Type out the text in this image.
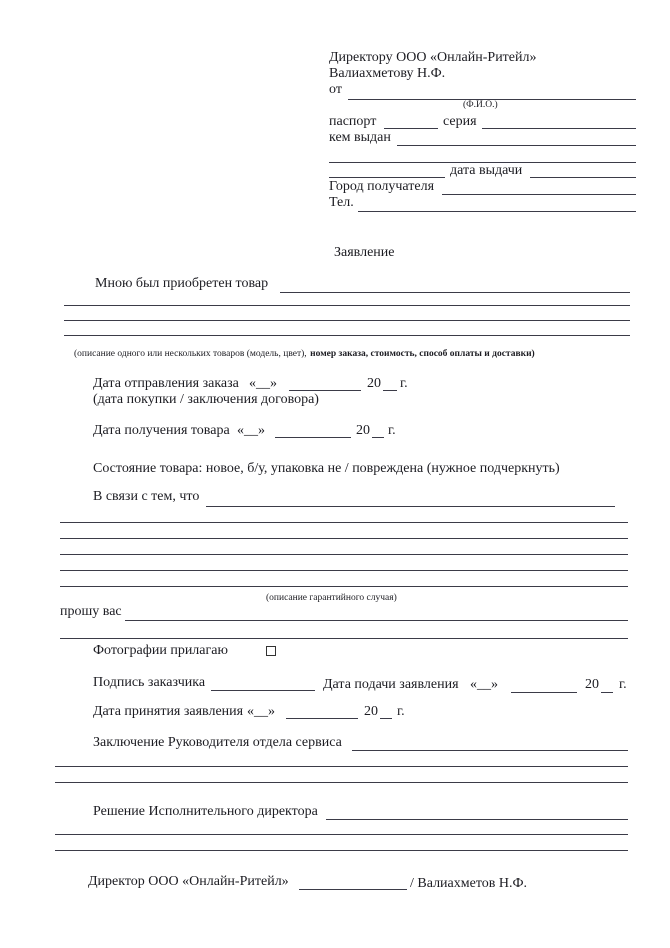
Директору ООО «Онлайн-Ритейл»
Валиахметову Н.Ф.
от
(Ф.И.О.)
паспорт	серия
кем выдан
дата выдачи
Город получателя
Тел.
Заявление
Мною был приобретен товар
(описание одного или нескольких товаров (модель, цвет), номер заказа, стоимость, способ оплаты и доставки)
Дата отправления заказа «__»	20 г.
(дата покупки / заключения договора)
Дата получения товара «__»	20 г.
Состояние товара: новое, б/у, упаковка не / повреждена (нужное подчеркнуть)
В связи с тем, что
(описание гарантийного случая)
прошу вас
Фотографии прилагаю
Подпись заказчика	Дата подачи заявления «__»	20 г.
Дата принятия заявления «__»	20 г.
Заключение Руководителя отдела сервиса
Решение Исполнительного директора
Директор ООО «Онлайн-Ритейл»	/ Валиахметов Н.Ф.
